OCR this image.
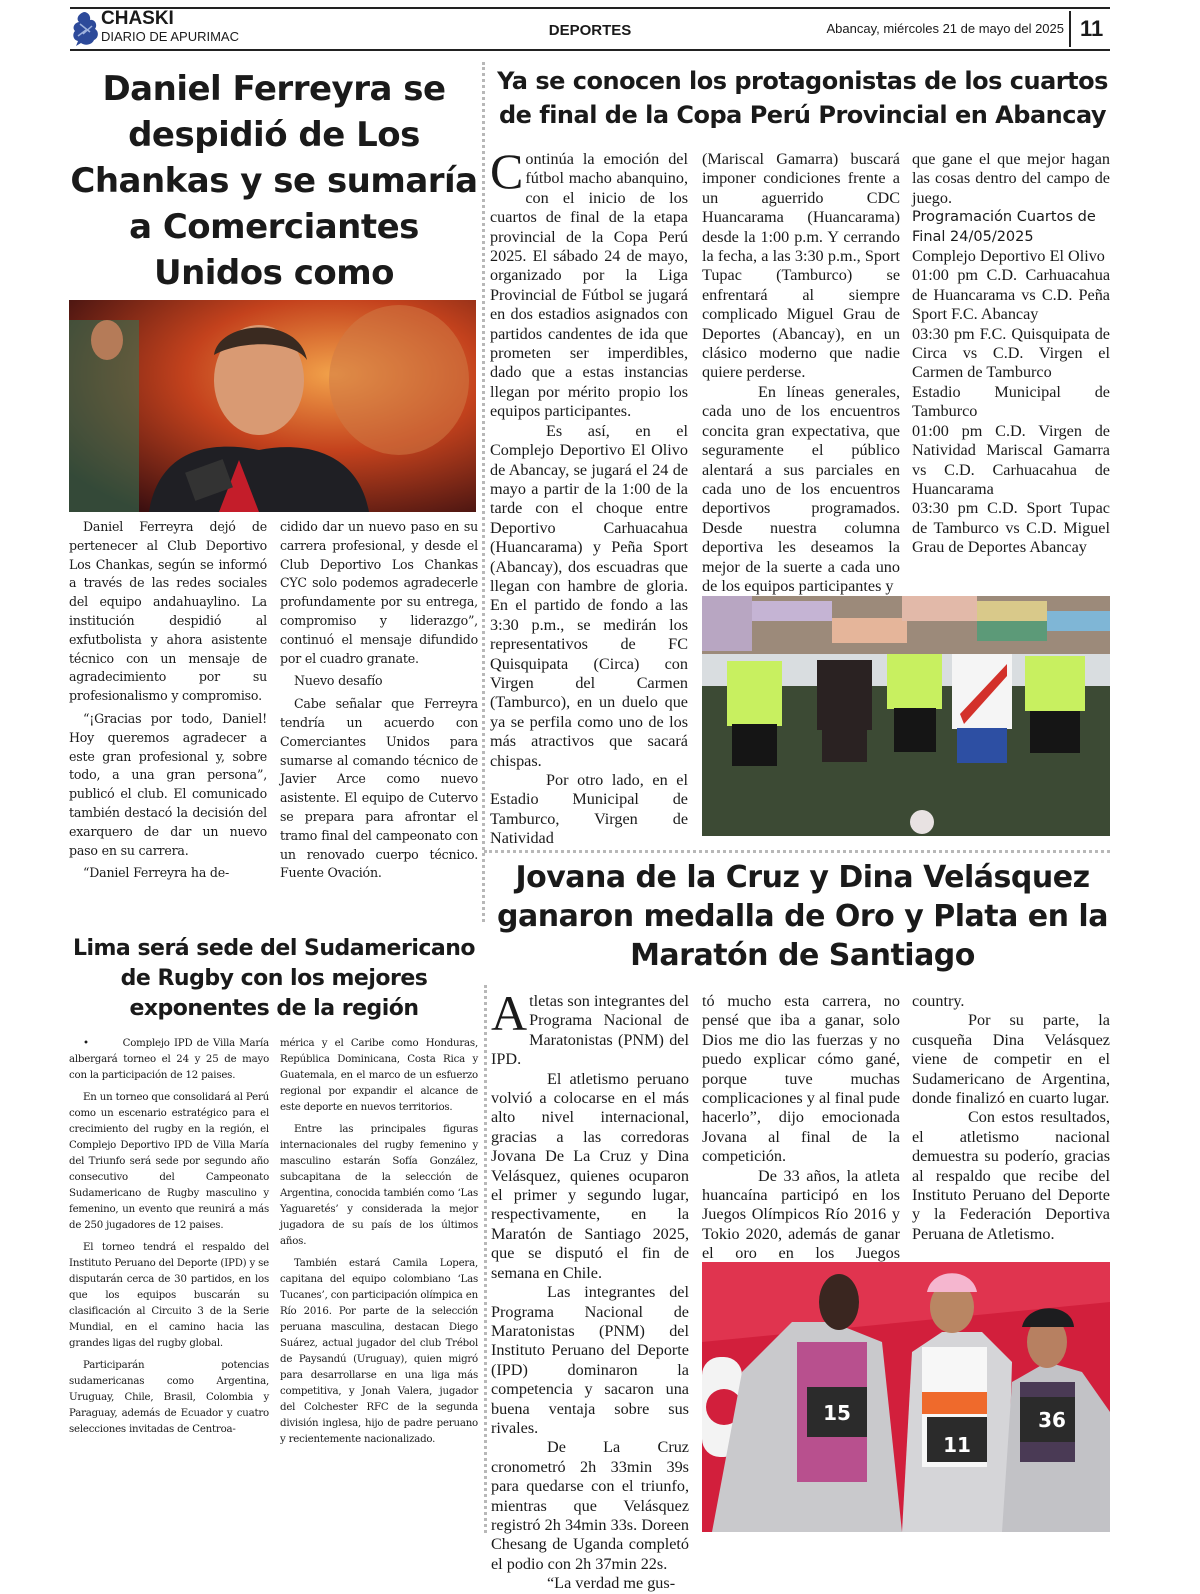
CHASKI
DIARIO DE APURIMAC	DEPORTES	Abancay, miércoles 21 de mayo del 2025 11
Daniel Ferreyra se despidió de Los Chankas y se sumaría a Comerciantes Unidos como

Daniel Ferreyra dejó de pertenecer al Club Deportivo Los Chankas, según se informó a través de las redes sociales del equipo andahuaylino. La institución despidió al exfutbolista y ahora asistente técnico con un mensaje de agradecimiento por su profesionalismo y compromiso.

“¡Gracias por todo, Daniel! Hoy queremos agradecer a este gran profesional y, sobre todo, a una gran persona”, publicó el club. El comunicado también destacó la decisión del exarquero de dar un nuevo paso en su carrera.

“Daniel Ferreyra ha de-

cidido dar un nuevo paso en su carrera profesional, y desde el Club Deportivo Los Chankas CYC solo podemos agradecerle profundamente por su entrega, compromiso y liderazgo”, continuó el mensaje difundido por el cuadro granate.

Nuevo desafío

Cabe señalar que Ferreyra tendría un acuerdo con Comerciantes Unidos para sumarse al comando técnico de Javier Arce como nuevo asistente. El equipo de Cutervo se prepara para afrontar el tramo final del campeonato con un renovado cuerpo técnico. Fuente Ovación.

Ya se conocen los protagonistas de los cuartos de final de la Copa Perú Provincial en Abancay

Continúa la emoción del fútbol macho abanquino, con el inicio de los cuartos de final de la etapa provincial de la Copa Perú 2025. El sábado 24 de mayo, organizado por la Liga Provincial de Fútbol se jugará en dos estadios asignados con partidos candentes de ida que prometen ser imperdibles, dado que a estas instancias llegan por mérito propio los equipos participantes.

Es así, en el Complejo Deportivo El Olivo de Abancay, se jugará el 24 de mayo a partir de la 1:00 de la tarde con el choque entre Deportivo Carhuacahua (Huancarama) y Peña Sport (Abancay), dos escuadras que llegan con hambre de gloria. En el partido de fondo a las 3:30 p.m., se medirán los representativos de FC Quisquipata (Circa) con Virgen del Carmen (Tamburco), en un duelo que ya se perfila como uno de los más atractivos que sacará chispas.

Por otro lado, en el Estadio Municipal de Tamburco, Virgen de Natividad

(Mariscal Gamarra) buscará imponer condiciones frente a un aguerrido CDC Huancarama (Huancarama) desde la 1:00 p.m. Y cerrando la fecha, a las 3:30 p.m., Sport Tupac (Tamburco) se enfrentará al siempre complicado Miguel Grau de Deportes (Abancay), en un clásico moderno que nadie quiere perderse.

En líneas generales, cada uno de los encuentros concita gran expectativa, que seguramente el público alentará a sus parciales en cada uno de los encuentros deportivos programados. Desde nuestra columna deportiva les deseamos la mejor de la suerte a cada uno de los equipos participantes y

que gane el que mejor hagan las cosas dentro del campo de juego.

Programación Cuartos de Final 24/05/2025

Complejo Deportivo El Olivo

01:00 pm C.D. Carhuacahua de Huancarama vs C.D. Peña Sport F.C. Abancay

03:30 pm F.C. Quisquipata de Circa vs C.D. Virgen el Carmen de Tamburco

Estadio Municipal de Tamburco

01:00 pm C.D. Virgen de Natividad Mariscal Gamarra vs C.D. Carhuacahua de Huancarama

03:30 pm C.D. Sport Tupac de Tamburco vs C.D. Miguel Grau de Deportes Abancay

Lima será sede del Sudamericano de Rugby con los mejores exponentes de la región

•        Complejo IPD de Villa María albergará torneo el 24 y 25 de mayo con la participación de 12 paises.

En un torneo que consolidará al Perú como un escenario estratégico para el crecimiento del rugby en la región, el Complejo Deportivo IPD de Villa María del Triunfo será sede por segundo año consecutivo del Campeonato Sudamericano de Rugby masculino y femenino, un evento que reunirá a más de 250 jugadores de 12 paises.

El torneo tendrá el respaldo del Instituto Peruano del Deporte (IPD) y se disputarán cerca de 30 partidos, en los que los equipos buscarán su clasificación al Circuito 3 de la Serie Mundial, en el camino hacia las grandes ligas del rugby global.

Participarán potencias sudamericanas como Argentina, Uruguay, Chile, Brasil, Colombia y Paraguay, además de Ecuador y cuatro selecciones invitadas de Centroa-

mérica y el Caribe como Honduras, República Dominicana, Costa Rica y Guatemala, en el marco de un esfuerzo regional por expandir el alcance de este deporte en nuevos territorios.

Entre las principales figuras internacionales del rugby femenino y masculino estarán Sofía González, subcapitana de la selección de Argentina, conocida también como ‘Las Yaguaretés’ y considerada la mejor jugadora de su país de los últimos años.

También estará Camila Lopera, capitana del equipo colombiano ‘Las Tucanes’, con participación olímpica en Río 2016. Por parte de la selección peruana masculina, destacan Diego Suárez, actual jugador del club Trébol de Paysandú (Uruguay), quien migró para desarrollarse en una liga más competitiva, y Jonah Valera, jugador del Colchester RFC de la segunda división inglesa, hijo de padre peruano y recientemente nacionalizado.

Jovana de la Cruz y Dina Velásquez ganaron medalla de Oro y Plata en la Maratón de Santiago

Atletas son integrantes del Programa Nacional de Maratonistas (PNM) del IPD.

El atletismo peruano volvió a colocarse en el más alto nivel internacional, gracias a las corredoras Jovana De La Cruz y Dina Velásquez, quienes ocuparon el primer y segundo lugar, respectivamente, en la Maratón de Santiago 2025, que se disputó el fin de semana en Chile.

Las integrantes del Programa Nacional de Maratonistas (PNM) del Instituto Peruano del Deporte (IPD) dominaron la competencia y sacaron una buena ventaja sobre sus rivales.

De La Cruz cronometró 2h 33min 39s para quedarse con el triunfo, mientras que Velásquez registró 2h 34min 33s. Doreen Chesang de Uganda completó el podio con 2h 37min 22s.

“La verdad me gus-

tó mucho esta carrera, no pensé que iba a ganar, solo Dios me dio las fuerzas y no puedo explicar cómo gané, porque tuve muchas complicaciones y al final pude hacerlo”, dijo emocionada Jovana al final de la competición.

De 33 años, la atleta huancaína participó en los Juegos Olímpicos Río 2016 y Tokio 2020, además de ganar el oro en los Juegos

country.

Por su parte, la cusqueña Dina Velásquez viene de competir en el Sudamericano de Argentina, donde finalizó en cuarto lugar.

Con estos resultados, el atletismo nacional demuestra su poderío, gracias al respaldo que recibe del Instituto Peruano del Deporte y la Federación Deportiva Peruana de Atletismo.

15
11
36
